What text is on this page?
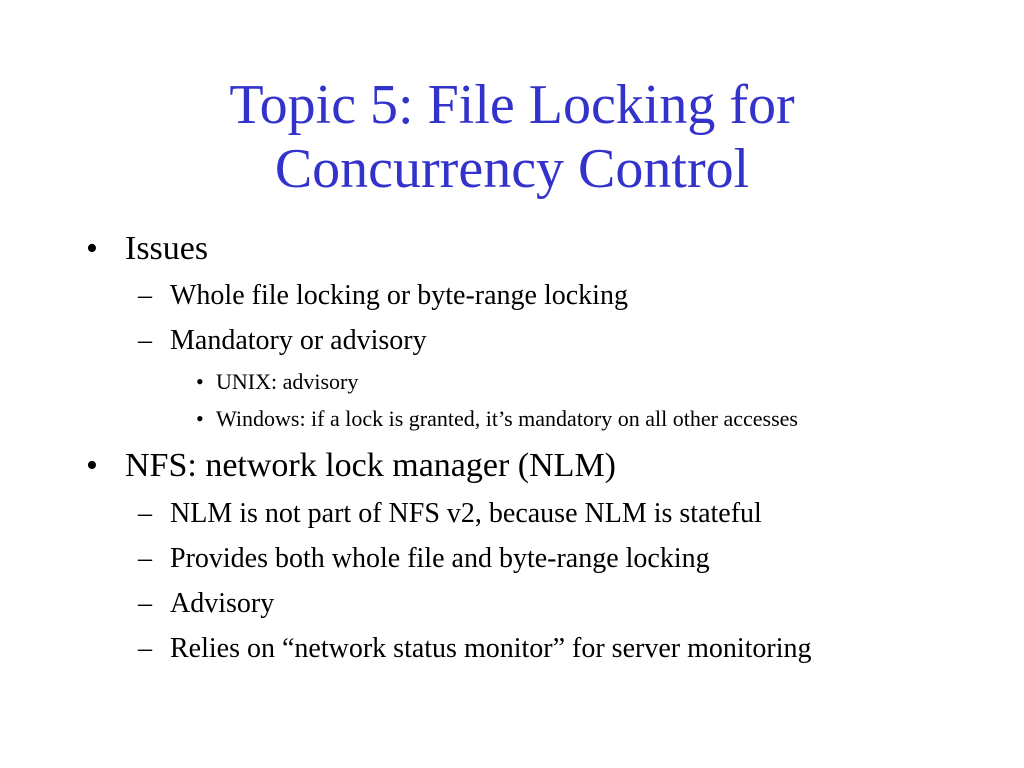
Topic 5: File Locking for
Concurrency Control
• Issues
– Whole file locking or byte-range locking
– Mandatory or advisory
• UNIX: advisory
• Windows: if a lock is granted, it’s mandatory on all other accesses
• NFS: network lock manager (NLM)
– NLM is not part of NFS v2, because NLM is stateful
– Provides both whole file and byte-range locking
– Advisory
– Relies on “network status monitor” for server monitoring
